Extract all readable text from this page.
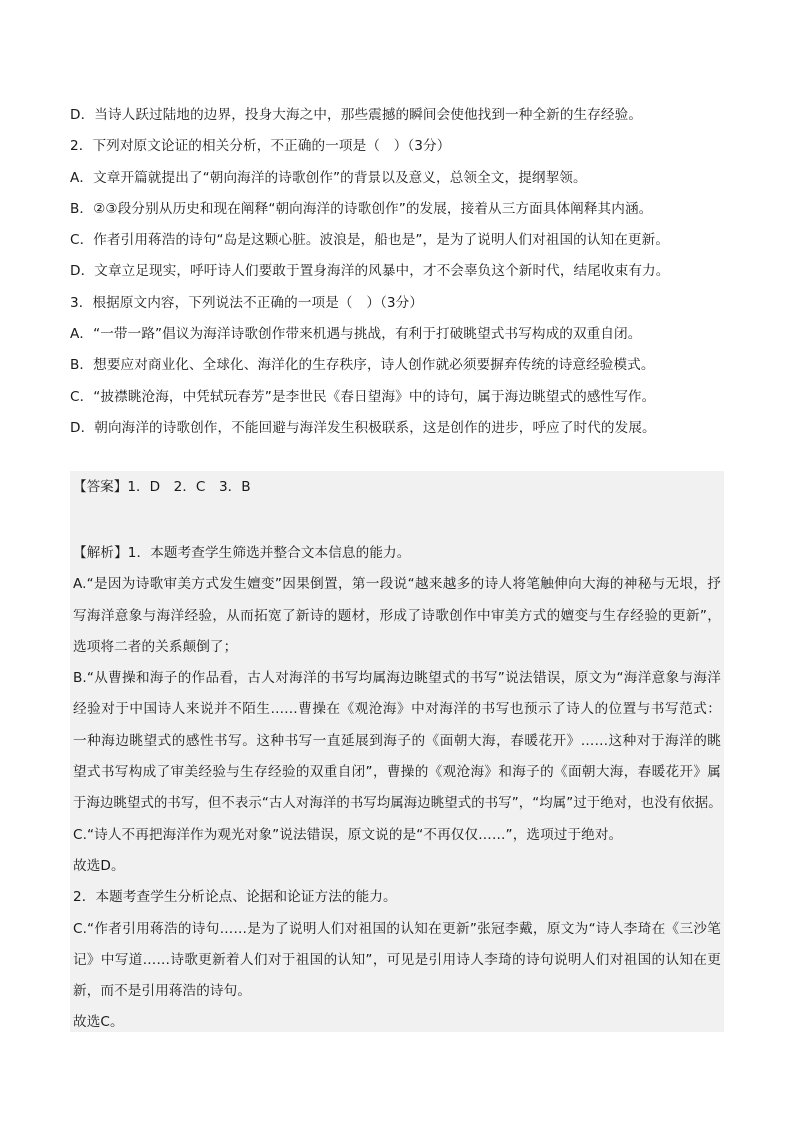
D．当诗人跃过陆地的边界，投身大海之中，那些震撼的瞬间会使他找到一种全新的生存经验。
2．下列对原文论证的相关分析，不正确的一项是（　）（3分）
A．文章开篇就提出了“朝向海洋的诗歌创作”的背景以及意义，总领全文，提纲挈领。
B．②③段分别从历史和现在阐释“朝向海洋的诗歌创作”的发展，接着从三方面具体阐释其内涵。
C．作者引用蒋浩的诗句“岛是这颗心脏。波浪是，船也是”，是为了说明人们对祖国的认知在更新。
D．文章立足现实，呼吁诗人们要敢于置身海洋的风暴中，才不会辜负这个新时代，结尾收束有力。
3．根据原文内容，下列说法不正确的一项是（　）（3分）
A．“一带一路”倡议为海洋诗歌创作带来机遇与挑战，有利于打破眺望式书写构成的双重自闭。
B．想要应对商业化、全球化、海洋化的生存秩序，诗人创作就必须要摒弃传统的诗意经验模式。
C．“披襟眺沧海，中凭轼玩春芳”是李世民《春日望海》中的诗句，属于海边眺望式的感性写作。
D．朝向海洋的诗歌创作，不能回避与海洋发生积极联系，这是创作的进步，呼应了时代的发展。
【答案】1．D　2．C　3．B
【解析】1．本题考查学生筛选并整合文本信息的能力。
A.“是因为诗歌审美方式发生嬗变”因果倒置，第一段说“越来越多的诗人将笔触伸向大海的神秘与无垠，抒
写海洋意象与海洋经验，从而拓宽了新诗的题材，形成了诗歌创作中审美方式的嬗变与生存经验的更新”，
选项将二者的关系颠倒了；
B.“从曹操和海子的作品看，古人对海洋的书写均属海边眺望式的书写”说法错误，原文为“海洋意象与海洋
经验对于中国诗人来说并不陌生……曹操在《观沧海》中对海洋的书写也预示了诗人的位置与书写范式：
一种海边眺望式的感性书写。这种书写一直延展到海子的《面朝大海，春暖花开》……这种对于海洋的眺
望式书写构成了审美经验与生存经验的双重自闭”，曹操的《观沧海》和海子的《面朝大海，春暖花开》属
于海边眺望式的书写，但不表示“古人对海洋的书写均属海边眺望式的书写”，“均属”过于绝对，也没有依据。
C.“诗人不再把海洋作为观光对象”说法错误，原文说的是“不再仅仅……”，选项过于绝对。
故选D。
2．本题考查学生分析论点、论据和论证方法的能力。
C.“作者引用蒋浩的诗句……是为了说明人们对祖国的认知在更新”张冠李戴，原文为“诗人李琦在《三沙笔
记》中写道……诗歌更新着人们对于祖国的认知”，可见是引用诗人李琦的诗句说明人们对祖国的认知在更
新，而不是引用蒋浩的诗句。
故选C。
